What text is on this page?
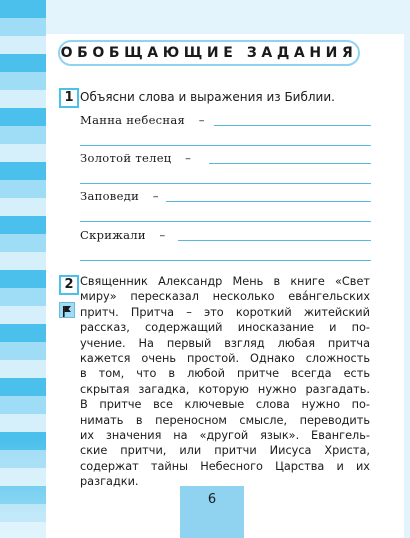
ОБОБЩАЮЩИЕ ЗАДАНИЯ
1 Объясни слова и выражения из Библии.
Манна небесная –
Золотой телец –
Заповеди –
Скрижали –
2 Священник Александр Мень в книге «Свет

миру» пересказал несколько евáнгельских

притч. Притча – это короткий житейский

рассказ, содержащий иносказание и по-

учение. На первый взгляд любая притча

кажется очень простой. Однако сложность

в том, что в любой притче всегда есть

скрытая загадка, которую нужно разгадать.

В притче все ключевые слова нужно по-

нимать в переносном смысле, переводить

их значения на «другой язык». Евангель-

ские притчи, или притчи Иисуса Христа,

содержат тайны Небесного Царства и их

разгадки.

6
